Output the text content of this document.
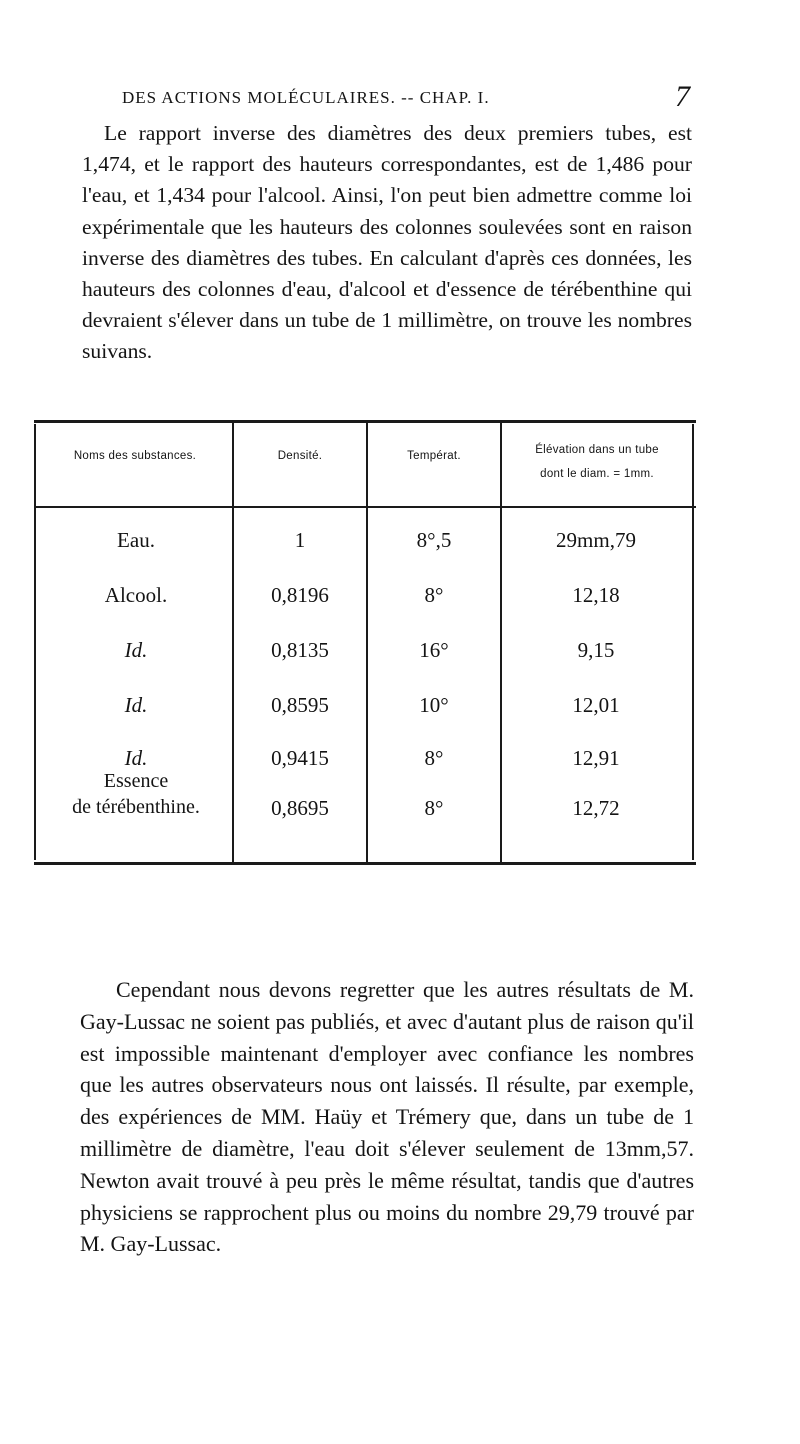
DES ACTIONS MOLÉCULAIRES. -- CHAP. I.	7

Le rapport inverse des diamètres des deux premiers tubes, est 1,474, et le rapport des hauteurs correspondantes, est de 1,486 pour l'eau, et 1,434 pour l'alcool. Ainsi, l'on peut bien admettre comme loi expérimentale que les hauteurs des colonnes soulevées sont en raison inverse des diamètres des tubes. En calculant d'après ces données, les hauteurs des colonnes d'eau, d'alcool et d'essence de térébenthine qui devraient s'élever dans un tube de 1 millimètre, on trouve les nombres suivans.

Noms des substances.	Densité.	Températ.	Élévation dans un tube
dont le diam. = 1mm.
Eau.	1	8°,5	29mm,79
Alcool.	0,8196	8°	12,18
Id.	0,8135	16°	9,15
Id.	0,8595	10°	12,01
Id.	0,9415	8°	12,91
Essence
de térébenthine.	0,8695	8°	12,72

Cependant nous devons regretter que les autres résultats de M. Gay-Lussac ne soient pas publiés, et avec d'autant plus de raison qu'il est impossible maintenant d'employer avec confiance les nombres que les autres observateurs nous ont laissés. Il résulte, par exemple, des expériences de MM. Haüy et Trémery que, dans un tube de 1 millimètre de diamètre, l'eau doit s'élever seulement de 13mm,57. Newton avait trouvé à peu près le même résultat, tandis que d'autres physiciens se rapprochent plus ou moins du nombre 29,79 trouvé par M. Gay-Lussac.
